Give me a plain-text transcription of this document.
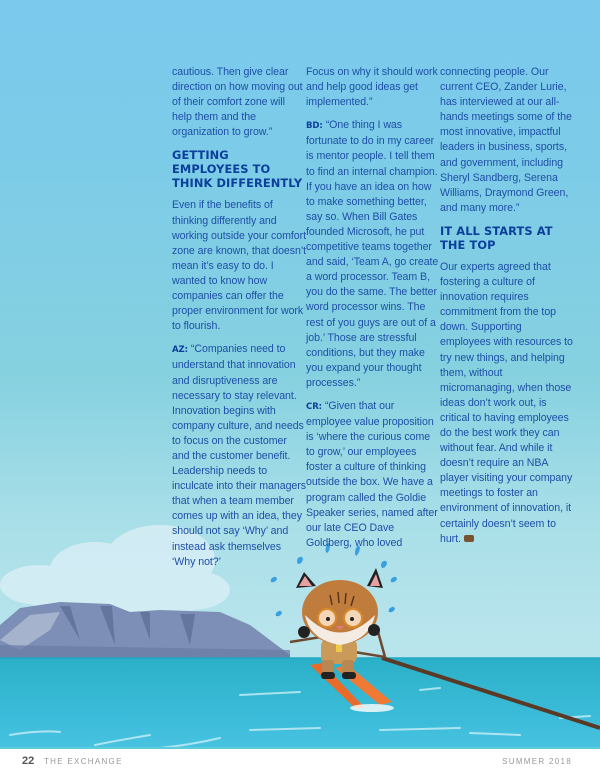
cautious. Then give clear direction on how moving out of their comfort zone will help them and the organization to grow.”

GETTING EMPLOYEES TO THINK DIFFERENTLY

Even if the benefits of thinking differently and working outside your comfort zone are known, that doesn’t mean it’s easy to do. I wanted to know how companies can offer the proper environment for work to flourish.

AZ: “Companies need to understand that innovation and disruptiveness are necessary to stay relevant. Innovation begins with company culture, and needs to focus on the customer and the customer benefit. Leadership needs to inculcate into their managers that when a team member comes up with an idea, they should not say ‘Why’ and instead ask themselves ‘Why not?’

Focus on why it should work and help good ideas get implemented.”

BD: “One thing I was fortunate to do in my career is mentor people. I tell them to find an internal champion. If you have an idea on how to make something better, say so. When Bill Gates founded Microsoft, he put competitive teams together and said, ‘Team A, go create a word processor. Team B, you do the same. The better word processor wins. The rest of you guys are out of a job.’ Those are stressful conditions, but they make you expand your thought processes.”

CR: “Given that our employee value proposition is ‘where the curious come to grow,’ our employees foster a culture of thinking outside the box. We have a program called the Goldie Speaker series, named after our late CEO Dave Goldberg, who loved

connecting people. Our current CEO, Zander Lurie, has interviewed at our all-hands meetings some of the most innovative, impactful leaders in business, sports, and government, including Sheryl Sandberg, Serena Williams, Draymond Green, and many more.”

IT ALL STARTS AT THE TOP

Our experts agreed that fostering a culture of innovation requires commitment from the top down. Supporting employees with resources to try new things, and helping them, without micromanaging, when those ideas don’t work out, is critical to having employees do the best work they can without fear. And while it doesn’t require an NBA player visiting your company meetings to foster an environment of innovation, it certainly doesn’t seem to hurt.

22 THE EXCHANGE	SUMMER 2018
